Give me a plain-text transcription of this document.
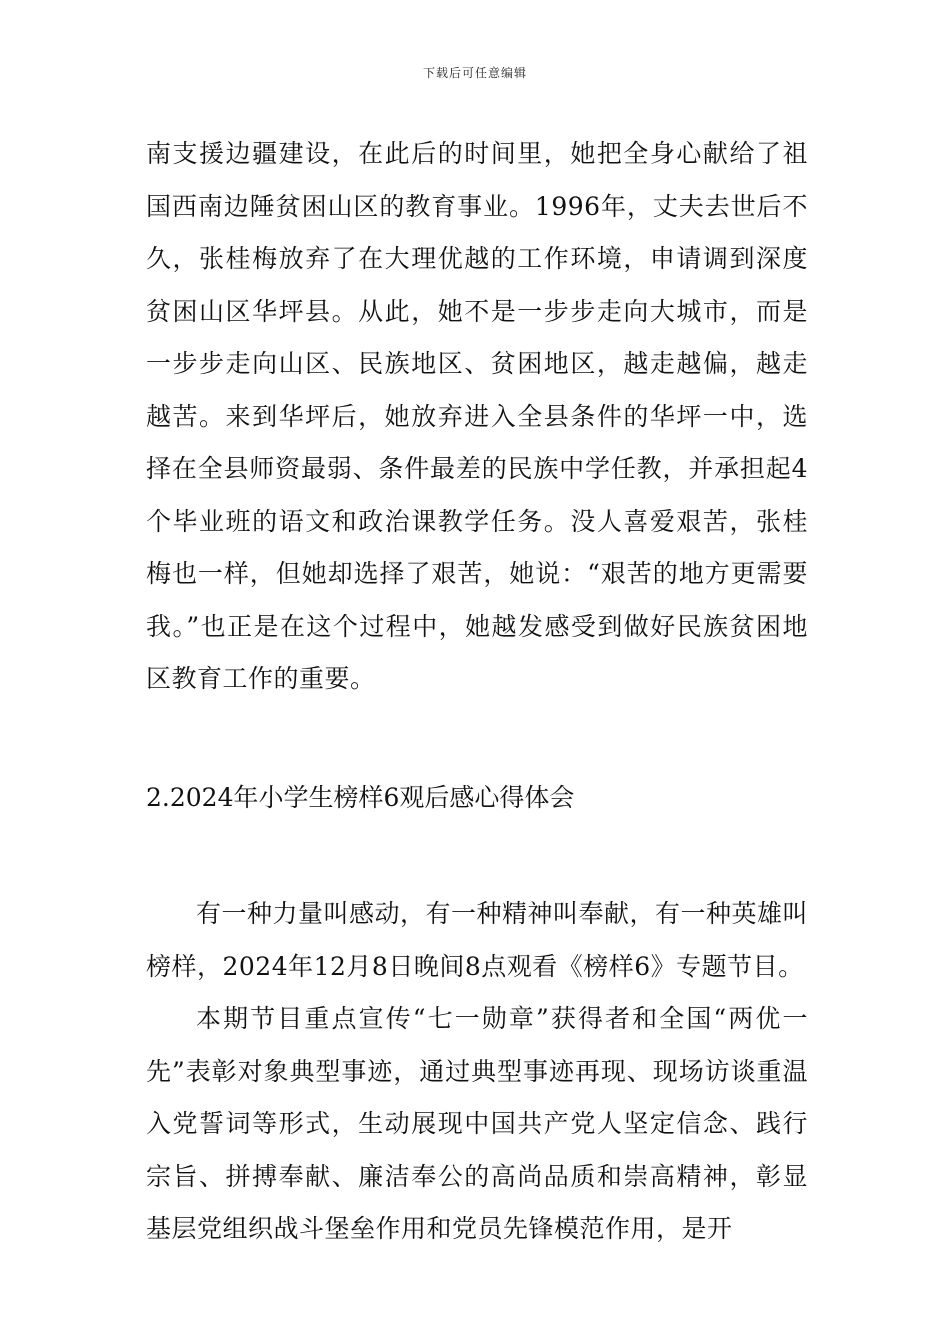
下载后可任意编辑

南支援边疆建设，在此后的时间里，她把全身心献给了祖国西南边陲贫困山区的教育事业。1996年，丈夫去世后不久，张桂梅放弃了在大理优越的工作环境，申请调到深度贫困山区华坪县。从此，她不是一步步走向大城市，而是一步步走向山区、民族地区、贫困地区，越走越偏，越走越苦。来到华坪后，她放弃进入全县条件的华坪一中，选择在全县师资最弱、条件最差的民族中学任教，并承担起4个毕业班的语文和政治课教学任务。没人喜爱艰苦，张桂梅也一样，但她却选择了艰苦，她说：“艰苦的地方更需要我。”也正是在这个过程中，她越发感受到做好民族贫困地区教育工作的重要。

2.2024年小学生榜样6观后感心得体会

有一种力量叫感动，有一种精神叫奉献，有一种英雄叫榜样，2024年12月8日晚间8点观看《榜样6》专题节目。

本期节目重点宣传“七一勋章”获得者和全国“两优一先”表彰对象典型事迹，通过典型事迹再现、现场访谈重温入党誓词等形式，生动展现中国共产党人坚定信念、践行宗旨、拼搏奉献、廉洁奉公的高尚品质和崇高精神，彰显基层党组织战斗堡垒作用和党员先锋模范作用，是开
